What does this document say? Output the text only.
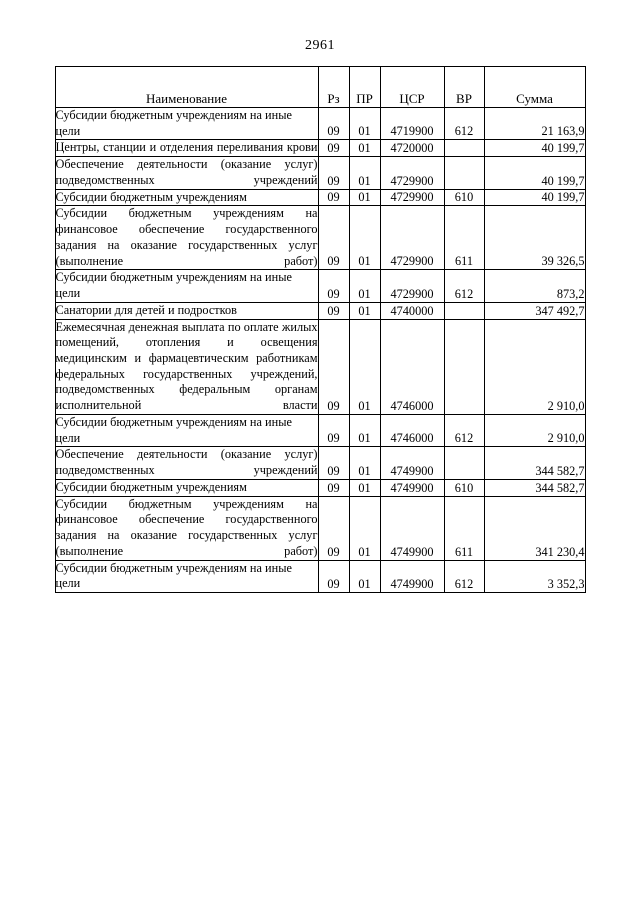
2961
Наименование	Рз	ПР	ЦСР	ВР	Сумма
Субсидии бюджетным учреждениям на иные цели	09	01	4719900	612	21 163,9
Центры, станции и отделения переливания крови	09	01	4720000		40 199,7
Обеспечение деятельности (оказание услуг) подведомственных учреждений	09	01	4729900		40 199,7
Субсидии бюджетным учреждениям	09	01	4729900	610	40 199,7
Субсидии бюджетным учреждениям на финансовое обеспечение государственного задания на оказание государственных услуг (выполнение работ)	09	01	4729900	611	39 326,5
Субсидии бюджетным учреждениям на иные цели	09	01	4729900	612	873,2
Санатории для детей и подростков	09	01	4740000		347 492,7
Ежемесячная денежная выплата по оплате жилых помещений, отопления и освещения медицинским и фармацевтическим работникам федеральных государственных учреждений, подведомственных федеральным органам исполнительной власти	09	01	4746000		2 910,0
Субсидии бюджетным учреждениям на иные цели	09	01	4746000	612	2 910,0
Обеспечение деятельности (оказание услуг) подведомственных учреждений	09	01	4749900		344 582,7
Субсидии бюджетным учреждениям	09	01	4749900	610	344 582,7
Субсидии бюджетным учреждениям на финансовое обеспечение государственного задания на оказание государственных услуг (выполнение работ)	09	01	4749900	611	341 230,4
Субсидии бюджетным учреждениям на иные цели	09	01	4749900	612	3 352,3
